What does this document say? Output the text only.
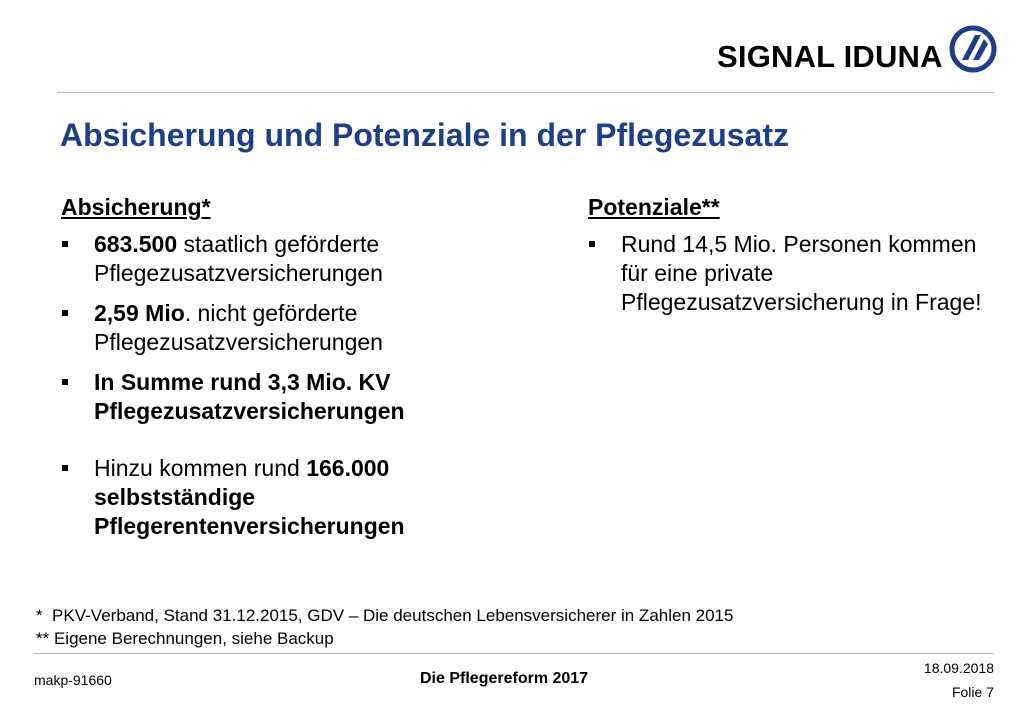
SIGNAL IDUNA
Absicherung und Potenziale in der Pflegezusatz
Absicherung*
683.500 staatlich geförderte Pflegezusatzversicherungen
2,59 Mio. nicht geförderte Pflegezusatzversicherungen
In Summe rund 3,3 Mio. KV Pflegezusatzversicherungen
Hinzu kommen rund 166.000 selbstständige Pflegerentenversicherungen
Potenziale**
Rund 14,5 Mio. Personen kommen für eine private Pflegezusatzversicherung in Frage!
*  PKV-Verband, Stand 31.12.2015, GDV – Die deutschen Lebensversicherer in Zahlen 2015
** Eigene Berechnungen, siehe Backup
makp-91660	Die Pflegereform 2017
18.09.2018
Folie 7
